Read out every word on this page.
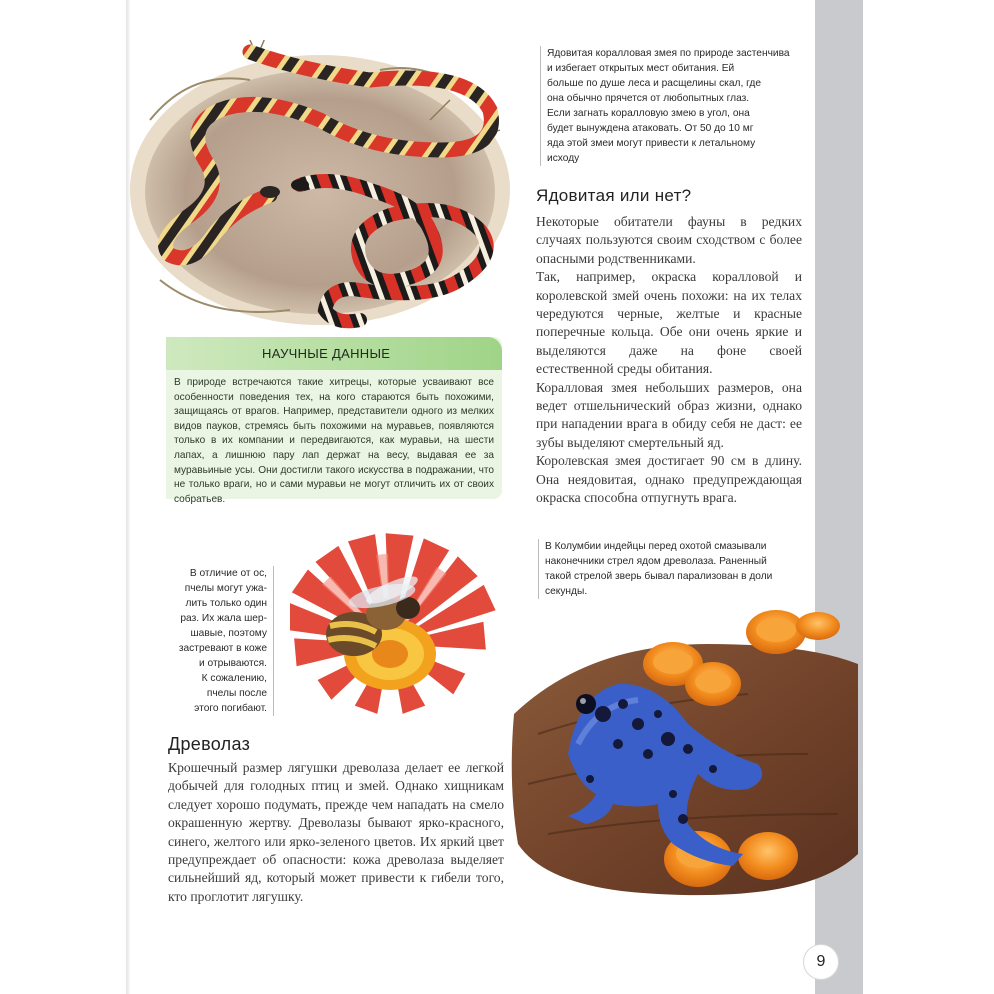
Ядовитая коралловая змея по природе застенчива и избегает открытых мест обитания. Ей

больше по душе леса и расщелины скал, где

она обычно прячется от любопытных глаз.

Если загнать коралловую змею в угол, она

будет вынуждена атаковать. От 50 до 10 мг

яда этой змеи могут привести к летальному

исходу

Ядовитая или нет?

Некоторые обитатели фауны в редких случаях пользуются своим сходством с более опасными родственниками.

Так, например, окраска коралловой и королевской змей очень похожи: на их телах чередуются черные, желтые и красные поперечные кольца. Обе они очень яркие и выделяются даже на фоне своей естественной среды обитания.

Коралловая змея небольших размеров, она ведет отшельнический образ жизни, однако при нападении врага в обиду себя не даст: ее зубы выделяют смертельный яд.

Королевская змея достигает 90 см в длину. Она неядовитая, однако предупреждающая окраска способна отпугнуть врага.

НАУЧНЫЕ ДАННЫЕ
В природе встречаются такие хитрецы, которые усваивают все особенности поведения тех, на кого стараются быть похожими, защищаясь от врагов. Например, представители одного из мелких видов пауков, стремясь быть похожими на муравьев, появляются только в их компании и передвигаются, как муравьи, на шести лапах, а лишнюю пару лап держат на весу, выдавая ее за муравьиные усы. Они достигли такого искусства в подражании, что не только враги, но и сами муравьи не могут отличить их от своих собратьев.

В отличие от ос,

пчелы могут ужа-

лить только один

раз. Их жала шер-

шавые, поэтому

застревают в коже

и отрываются.

К сожалению,

пчелы после

этого погибают.

В Колумбии индейцы перед охотой смазывали

наконечники стрел ядом древолаза. Раненный

такой стрелой зверь бывал парализован в доли

секунды.

Древолаз
Крошечный размер лягушки древолаза делает ее легкой добычей для голодных птиц и змей. Однако хищникам следует хорошо подумать, прежде чем нападать на смело окрашенную жертву. Древолазы бывают ярко-красного, синего, желтого или ярко-зеленого цветов. Их яркий цвет предупреждает об опасности: кожа древолаза выделяет сильнейший яд, который может привести к гибели того, кто проглотит лягушку.
9
